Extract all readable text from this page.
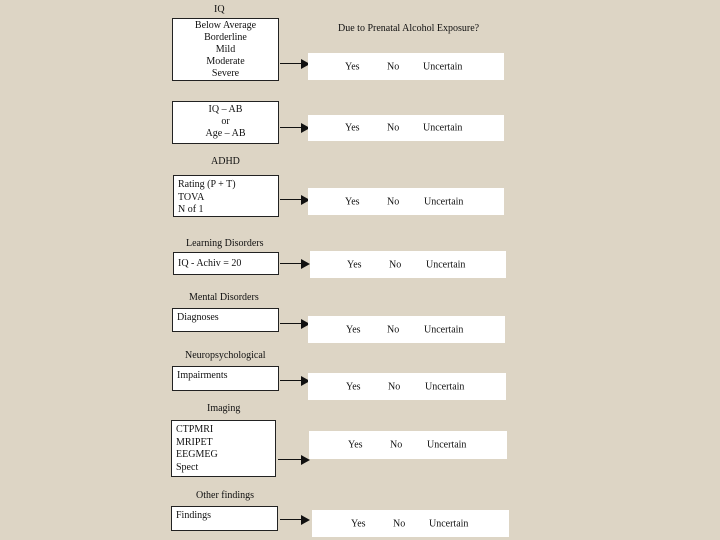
Due to Prenatal Alcohol Exposure?
IQ
ADHD
Learning Disorders
Mental Disorders
Neuropsychological
Imaging
Other findings
Below Average
Borderline
Mild
Moderate
Severe
IQ – AB
or
Age – AB
Rating (P + T)
TOVA
N of 1
IQ - Achiv = 20
Diagnoses
Impairments
CTPMRI
MRIPET
EEGMEG
Spect
Findings
Yes	No Uncertain
Yes	No Uncertain
Yes	No Uncertain
Yes	No Uncertain
Yes	No Uncertain
Yes	No Uncertain
Yes	No Uncertain
Yes	No Uncertain
